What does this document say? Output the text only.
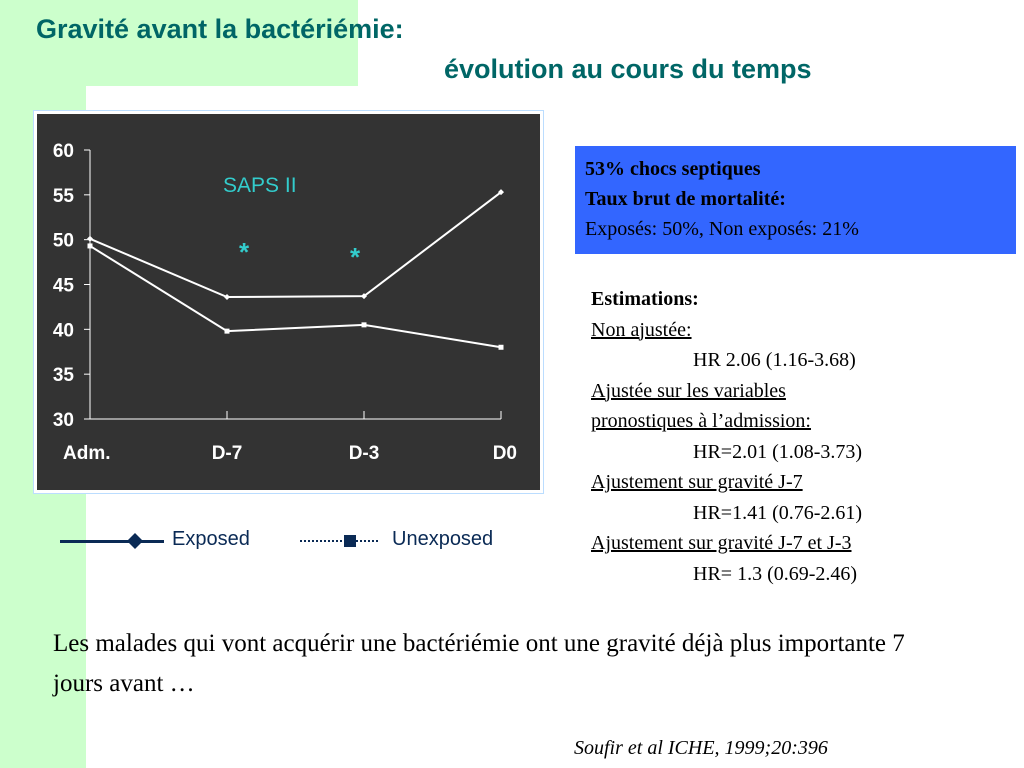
Gravité avant la bactériémie:
évolution au cours du temps
30
35
40
45
50
55
60
Adm.	D-7	D-3	D0
SAPS II
*	*
Exposed	Unexposed
53% chocs septiques
Taux brut de mortalité:
Exposés: 50%, Non exposés: 21%
Estimations:
Non ajustée:
HR 2.06 (1.16-3.68)
Ajustée sur les variables
pronostiques à l’admission:
HR=2.01 (1.08-3.73)
Ajustement sur gravité J-7
HR=1.41 (0.76-2.61)
Ajustement sur gravité J-7 et J-3
HR= 1.3 (0.69-2.46)
Les malades qui vont acquérir une bactériémie ont une gravité déjà plus importante 7 jours avant …
Soufir et al ICHE, 1999;20:396
